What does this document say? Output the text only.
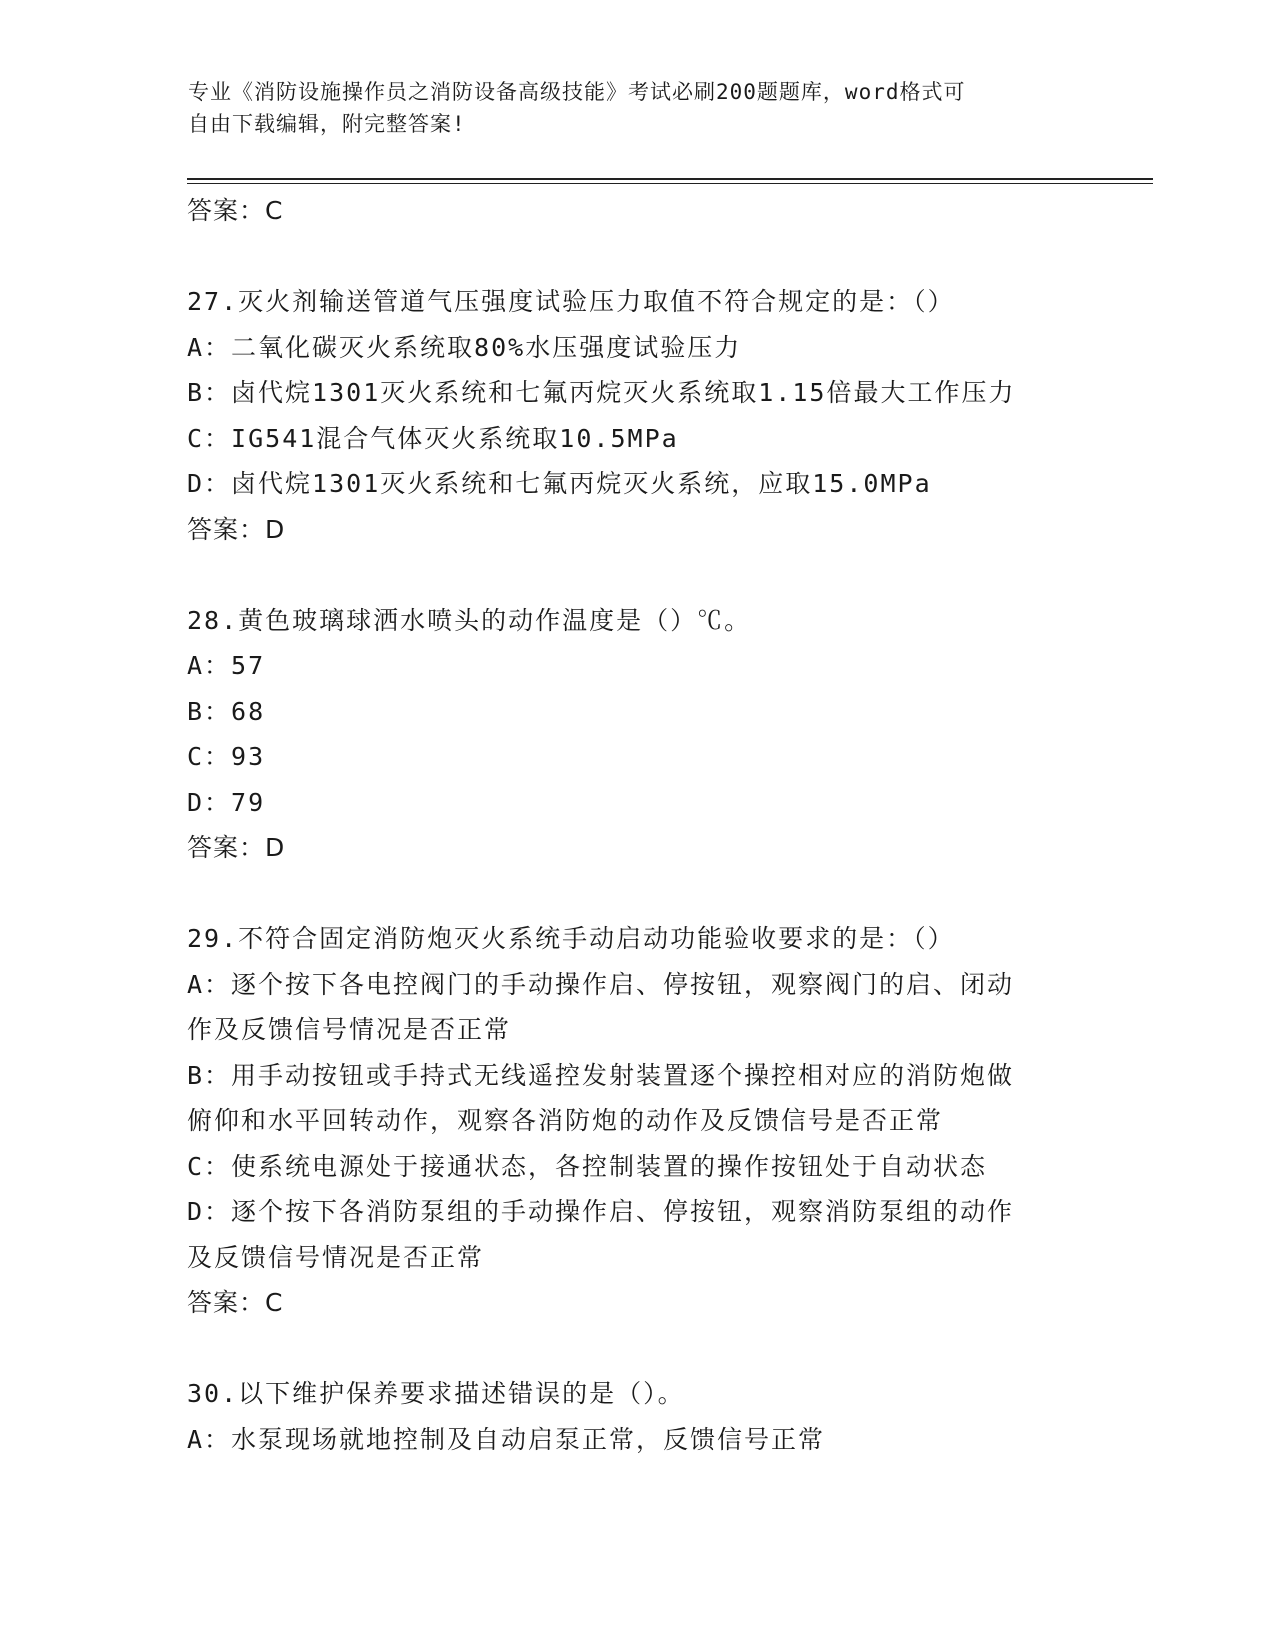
专业《消防设施操作员之消防设备高级技能》考试必刷200题题库，word格式可
自由下载编辑，附完整答案!
答案：C
27.灭火剂输送管道气压强度试验压力取值不符合规定的是：（）
A：二氧化碳灭火系统取80%水压强度试验压力
B：卤代烷1301灭火系统和七氟丙烷灭火系统取1.15倍最大工作压力
C：IG541混合气体灭火系统取10.5MPa
D：卤代烷1301灭火系统和七氟丙烷灭火系统，应取15.0MPa
答案：D
28.黄色玻璃球洒水喷头的动作温度是（）℃。
A：57
B：68
C：93
D：79
答案：D
29.不符合固定消防炮灭火系统手动启动功能验收要求的是：（）
A：逐个按下各电控阀门的手动操作启、停按钮，观察阀门的启、闭动
作及反馈信号情况是否正常
B：用手动按钮或手持式无线遥控发射装置逐个操控相对应的消防炮做
俯仰和水平回转动作，观察各消防炮的动作及反馈信号是否正常
C：使系统电源处于接通状态，各控制装置的操作按钮处于自动状态
D：逐个按下各消防泵组的手动操作启、停按钮，观察消防泵组的动作
及反馈信号情况是否正常
答案：C
30.以下维护保养要求描述错误的是（）。
A：水泵现场就地控制及自动启泵正常，反馈信号正常
